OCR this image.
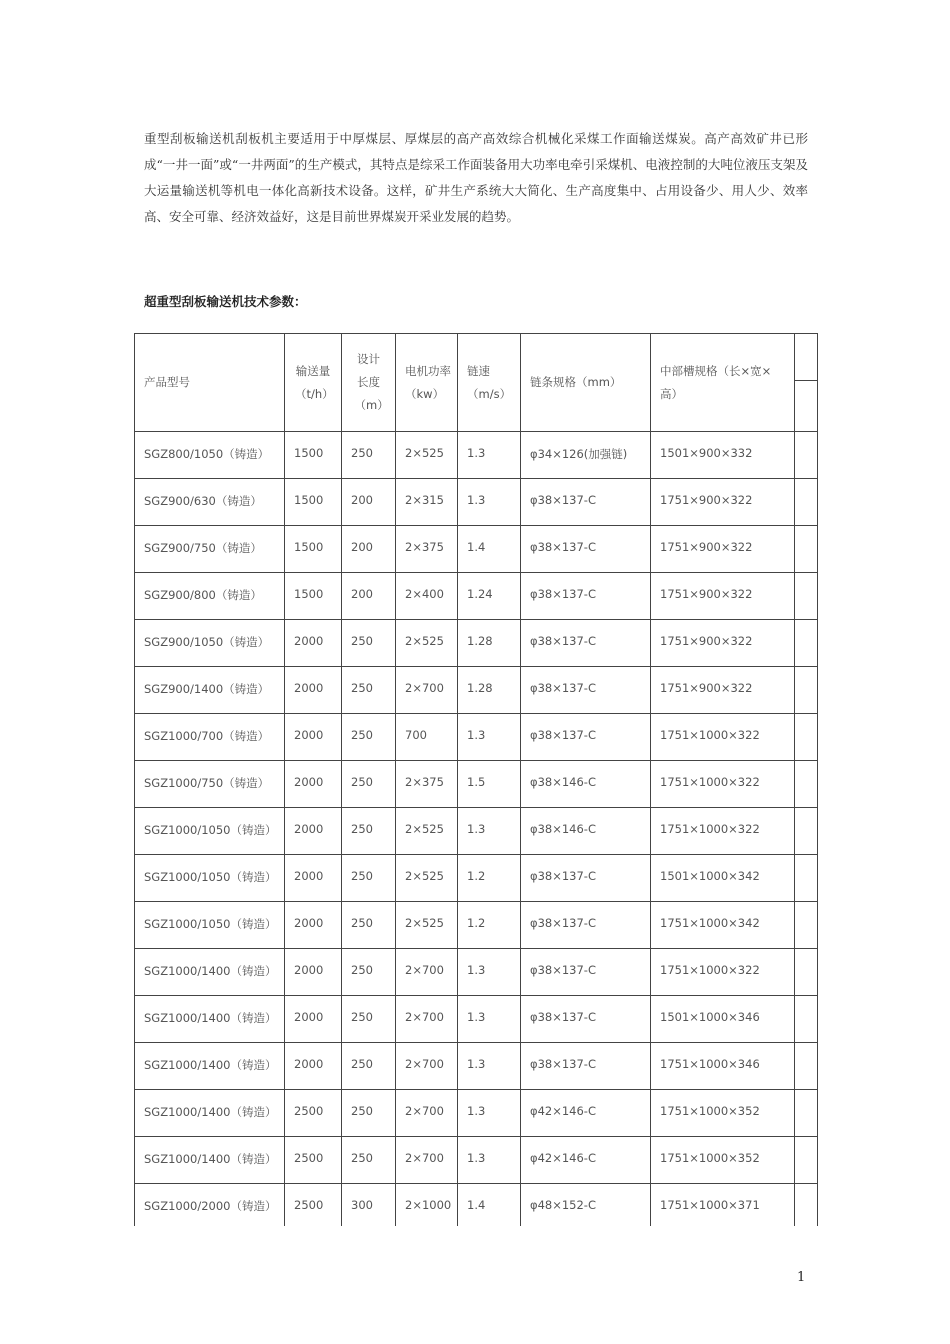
重型刮板输送机刮板机主要适用于中厚煤层、厚煤层的高产高效综合机械化采煤工作面输送煤炭。高产高效矿井已形成“一井一面”或“一井两面”的生产模式，其特点是综采工作面装备用大功率电牵引采煤机、电液控制的大吨位液压支架及大运量输送机等机电一体化高新技术设备。这样，矿井生产系统大大简化、生产高度集中、占用设备少、用人少、效率高、安全可靠、经济效益好，这是目前世界煤炭开采业发展的趋势。

超重型刮板输送机技术参数：
产品型号	输送量（t/h）	设计长度（m）	电机功率（kw）	链速（m/s）	链条规格（mm）	中部槽规格（长×宽×高）	

SGZ800/1050（铸造）	1500	250	2×525	1.3	φ34×126(加强链)	1501×900×332	
SGZ900/630（铸造）	1500	200	2×315	1.3	φ38×137-C	1751×900×322	
SGZ900/750（铸造）	1500	200	2×375	1.4	φ38×137-C	1751×900×322	
SGZ900/800（铸造）	1500	200	2×400	1.24	φ38×137-C	1751×900×322	
SGZ900/1050（铸造）	2000	250	2×525	1.28	φ38×137-C	1751×900×322	
SGZ900/1400（铸造）	2000	250	2×700	1.28	φ38×137-C	1751×900×322	
SGZ1000/700（铸造）	2000	250	700	1.3	φ38×137-C	1751×1000×322	
SGZ1000/750（铸造）	2000	250	2×375	1.5	φ38×146-C	1751×1000×322	
SGZ1000/1050（铸造）	2000	250	2×525	1.3	φ38×146-C	1751×1000×322	
SGZ1000/1050（铸造）	2000	250	2×525	1.2	φ38×137-C	1501×1000×342	
SGZ1000/1050（铸造）	2000	250	2×525	1.2	φ38×137-C	1751×1000×342	
SGZ1000/1400（铸造）	2000	250	2×700	1.3	φ38×137-C	1751×1000×322	
SGZ1000/1400（铸造）	2000	250	2×700	1.3	φ38×137-C	1501×1000×346	
SGZ1000/1400（铸造）	2000	250	2×700	1.3	φ38×137-C	1751×1000×346	
SGZ1000/1400（铸造）	2500	250	2×700	1.3	φ42×146-C	1751×1000×352	
SGZ1000/1400（铸造）	2500	250	2×700	1.3	φ42×146-C	1751×1000×352	
SGZ1000/2000（铸造）	2500	300	2×1000	1.4	φ48×152-C	1751×1000×371	
1
